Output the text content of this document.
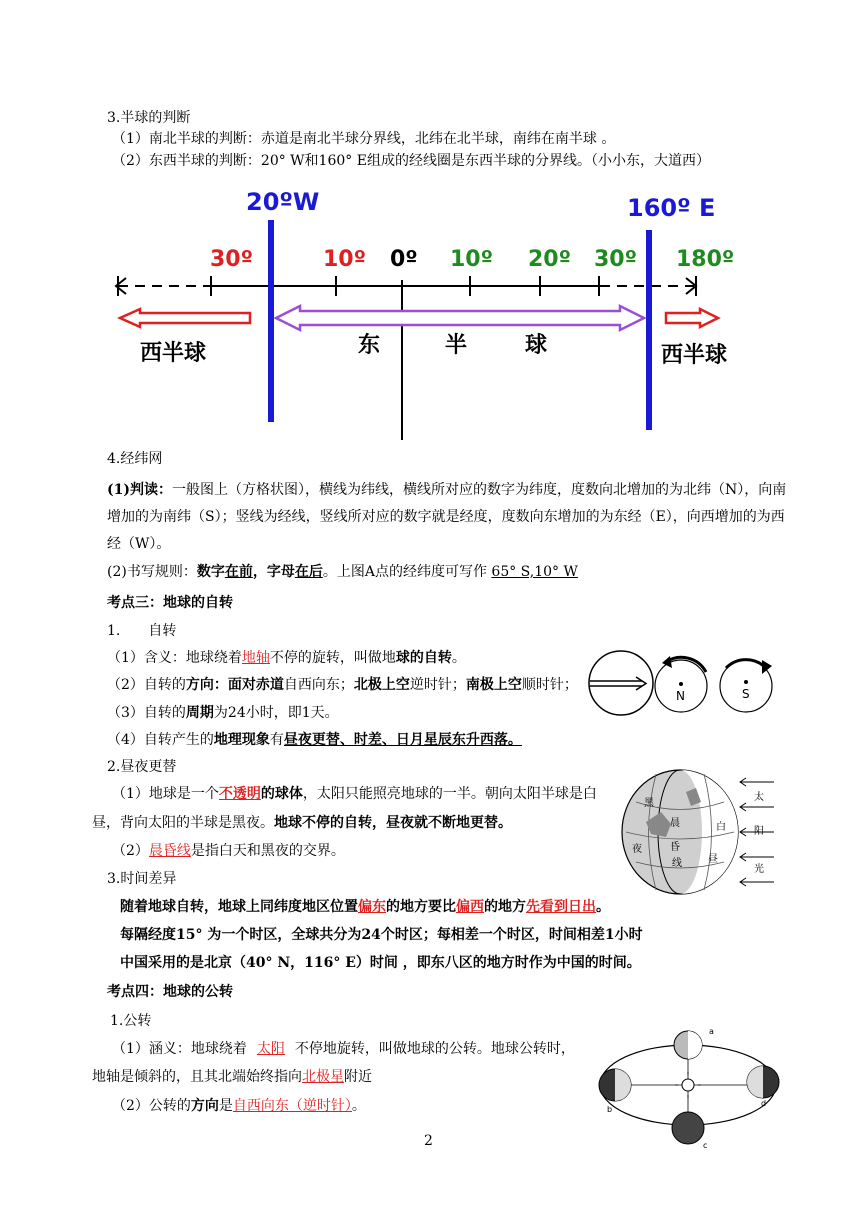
3.半球的判断
（1）南北半球的判断：赤道是南北半球分界线，北纬在北半球，南纬在南半球 。
（2）东西半球的判断：20° W和160° E组成的经线圈是东西半球的分界线。（小小东，大道西）
20ºW	160º E
30º	10º 0º 10º 20º 30º 180º
西半球	东	半	球	西半球
4.经纬网
(1)判读：一般图上（方格状图），横线为纬线，横线所对应的数字为纬度，度数向北增加的为北纬（N），向南增加的为南纬（S）；竖线为经线，竖线所对应的数字就是经度，度数向东增加的为东经（E），向西增加的为西经（W）。
(2)书写规则：数字在前，字母在后。上图A点的经纬度可写作 65° S,10° W
考点三：地球的自转
1.　　自转
（1）含义：地球绕着地轴不停的旋转，叫做地球的自转。
（2）自转的方向：面对赤道自西向东；北极上空逆时针；南极上空顺时针；
（3）自转的周期为24小时，即1天。
（4）自转产生的地理现象有昼夜更替、时差、日月星辰东升西落。
N	S
2.昼夜更替
（1）地球是一个不透明的球体，太阳只能照亮地球的一半。朝向太阳半球是白
昼，背向太阳的半球是黑夜。地球不停的自转，昼夜就不断地更替。
（2）晨昏线是指白天和黑夜的交界。
黑
晨
昏
线
夜
白
昼
太
阳
光
3.时间差异
随着地球自转，地球上同纬度地区位置偏东的地方要比偏西的地方先看到日出。
每隔经度15° 为一个时区，全球共分为24个时区；每相差一个时区，时间相差1小时
中国采用的是北京（40° N，116° E）时间 ，即东八区的地方时作为中国的时间。
考点四：地球的公转
1.公转
（1）涵义：地球绕着 太阳 不停地旋转，叫做地球的公转。地球公转时，
地轴是倾斜的，且其北端始终指向北极星附近
（2）公转的方向是自西向东（逆时针）。
a
b
c
d
2
